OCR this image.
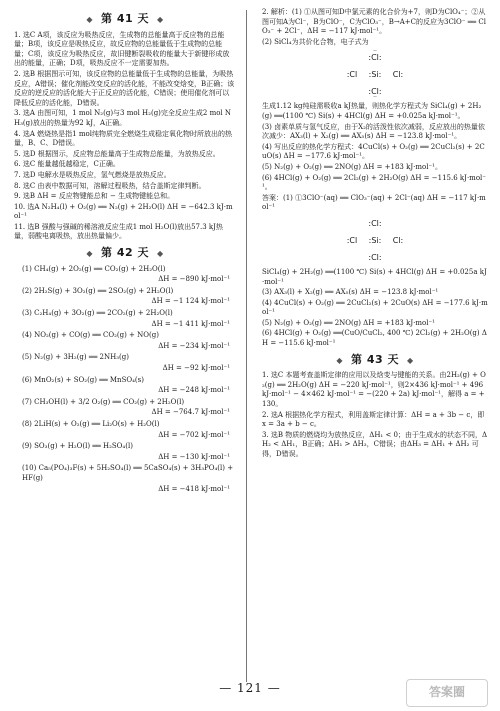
◆ 第 41 天 ◆

1. 选C A项，该反应为吸热反应，生成物的总能量高于反应物的总能量；B项，该反应是吸热反应，故反应物的总能量低于生成物的总能量；C项，该反应为吸热反应，故旧键断裂吸收的能量大于新键形成放出的能量，正确；D项，吸热反应不一定需要加热。

2. 选B 根据图示可知，该反应物的总能量低于生成物的总能量，为吸热反应，A错误；催化剂能改变反应的活化能，不能改变焓变，B正确；该反应的逆反应的活化能大于正反应的活化能，C错误；使用催化剂可以降低反应的活化能，D错误。

3. 选A 由图可知，1 mol N₂(g)与3 mol H₂(g)完全反应生成2 mol NH₃(g)放出的热量为92 kJ，A正确。

4. 选A 燃烧热是指1 mol纯物质完全燃烧生成稳定氧化物时所放出的热量，B、C、D错误。

5. 选D 根据图示，反应物总能量高于生成物总能量，为放热反应。

6. 选C 能量越低越稳定，C正确。

7. 选D 电解水是吸热反应，氢气燃烧是放热反应。

8. 选C 由表中数据可知，溶解过程吸热，结合盖斯定律判断。

9. 选B ΔH = 反应物键能总和 − 生成物键能总和。

10. 选A N₂H₄(l) + O₂(g) ══ N₂(g) + 2H₂O(l) ΔH = −642.3 kJ·mol⁻¹

11. 选B 强酸与强碱的稀溶液反应生成1 mol H₂O(l)放出57.3 kJ热量，弱酸电离吸热，放出热量偏少。

◆ 第 42 天 ◆

(1) CH₄(g) + 2O₂(g) ══ CO₂(g) + 2H₂O(l)

ΔH = −890 kJ·mol⁻¹

(2) 2H₂S(g) + 3O₂(g) ══ 2SO₂(g) + 2H₂O(l)

ΔH = −1 124 kJ·mol⁻¹

(3) C₂H₄(g) + 3O₂(g) ══ 2CO₂(g) + 2H₂O(l)

ΔH = −1 411 kJ·mol⁻¹

(4) NO₂(g) + CO(g) ══ CO₂(g) + NO(g)

ΔH = −234 kJ·mol⁻¹

(5) N₂(g) + 3H₂(g) ══ 2NH₃(g)

ΔH = −92 kJ·mol⁻¹

(6) MnO₂(s) + SO₂(g) ══ MnSO₄(s)

ΔH = −248 kJ·mol⁻¹

(7) CH₃OH(l) + 3/2 O₂(g) ══ CO₂(g) + 2H₂O(l)

ΔH = −764.7 kJ·mol⁻¹

(8) 2LiH(s) + O₂(g) ══ Li₂O(s) + H₂O(l)

ΔH = −702 kJ·mol⁻¹

(9) SO₃(g) + H₂O(l) ══ H₂SO₄(l)

ΔH = −130 kJ·mol⁻¹

(10) Ca₅(PO₄)₃F(s) + 5H₂SO₄(l) ══ 5CaSO₄(s) + 3H₃PO₄(l) + HF(g)

ΔH = −418 kJ·mol⁻¹

2. 解析：(1) ①从图可知D中氯元素的化合价为+7，则D为ClO₄⁻；②从图可知A为Cl⁻，B为ClO⁻，C为ClO₃⁻，B→A+C的反应为3ClO⁻ ══ ClO₃⁻ + 2Cl⁻，ΔH = −117 kJ·mol⁻¹。

(2) SiCl₄为共价化合物，电子式为

:Cl:
··
:Cl :Si: Cl:
:Cl:
··

生成1.12 kg纯硅需吸收a kJ热量，则热化学方程式为 SiCl₄(g) + 2H₂(g) ══(1100 ℃) Si(s) + 4HCl(g) ΔH = +0.025a kJ·mol⁻¹。

(3) 卤素单质与氢气反应，由于X₂的活泼性依次减弱，反应放出的热量依次减少：AX₃(l) + X₂(g) ══ AX₅(s) ΔH = −123.8 kJ·mol⁻¹。

(4) 写出反应的热化学方程式：4CuCl(s) + O₂(g) ══ 2CuCl₂(s) + 2CuO(s) ΔH = −177.6 kJ·mol⁻¹。

(5) N₂(g) + O₂(g) ══ 2NO(g) ΔH = +183 kJ·mol⁻¹。

(6) 4HCl(g) + O₂(g) ══ 2Cl₂(g) + 2H₂O(g) ΔH = −115.6 kJ·mol⁻¹。

答案：(1) ①3ClO⁻(aq) ══ ClO₃⁻(aq) + 2Cl⁻(aq) ΔH = −117 kJ·mol⁻¹

:Cl:
:Cl :Si: Cl:
:Cl:

SiCl₄(g) + 2H₂(g) ══(1100 ℃) Si(s) + 4HCl(g) ΔH = +0.025a kJ·mol⁻¹

(3) AX₃(l) + X₂(g) ══ AX₅(s) ΔH = −123.8 kJ·mol⁻¹

(4) 4CuCl(s) + O₂(g) ══ 2CuCl₂(s) + 2CuO(s) ΔH = −177.6 kJ·mol⁻¹

(5) N₂(g) + O₂(g) ══ 2NO(g) ΔH = +183 kJ·mol⁻¹

(6) 4HCl(g) + O₂(g) ══(CuO/CuCl₂, 400 ℃) 2Cl₂(g) + 2H₂O(g) ΔH = −115.6 kJ·mol⁻¹

◆ 第 43 天 ◆

1. 选C 本题考查盖斯定律的应用以及焓变与键能的关系。由2H₂(g) + O₂(g) ══ 2H₂O(g) ΔH = −220 kJ·mol⁻¹，则2×436 kJ·mol⁻¹ + 496 kJ·mol⁻¹ − 4×462 kJ·mol⁻¹ = −(220 + 2a) kJ·mol⁻¹，解得 a = +130。

2. 选A 根据热化学方程式，利用盖斯定律计算：ΔH = a + 3b − c，即 x = 3a + b − c。

3. 选B 物质的燃烧均为放热反应，ΔH₁ < 0；由于生成水的状态不同，ΔH₂ < ΔH₁，B正确；ΔH₁ > ΔH₃，C错误；由ΔH₃ = ΔH₁ + ΔH₂ 可得，D错误。

— 121 —	答案圈
